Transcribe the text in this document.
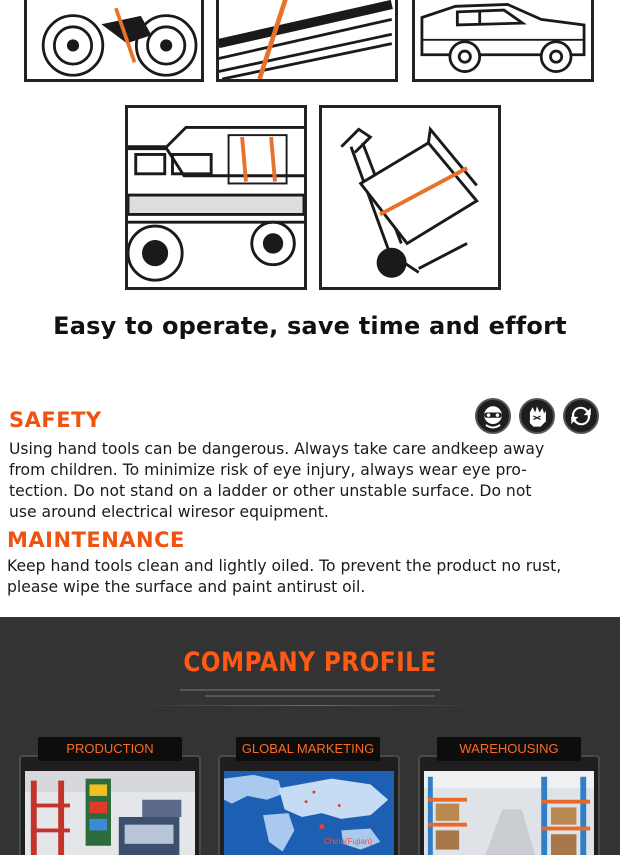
Easy to operate, save time and effort
SAFETY
Using hand tools can be dangerous. Always take care andkeep away
from children. To minimize risk of eye injury, always wear eye pro-
tection. Do not stand on a ladder or other unstable surface. Do not
use around electrical wiresor equipment.
MAINTENANCE
Keep hand tools clean and lightly oiled. To prevent the product no rust,
please wipe the surface and paint antirust oil.
COMPANY PROFILE
China(Fujian)
PRODUCTION	GLOBAL MARKETING	WAREHOUSING
